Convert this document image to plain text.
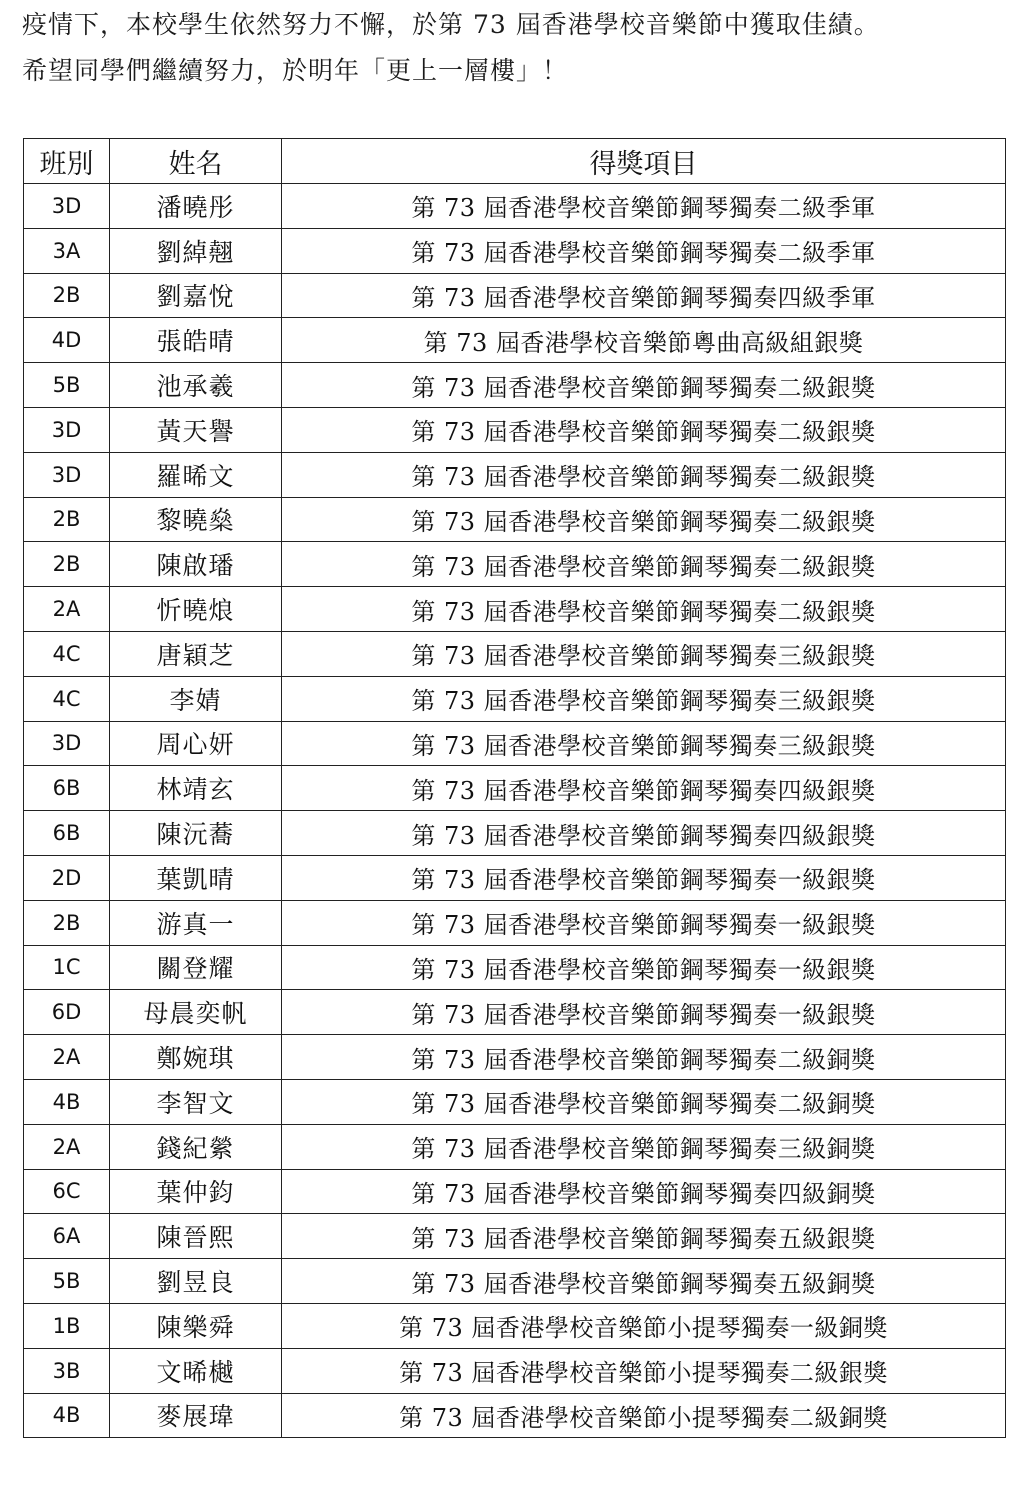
疫情下，本校學生依然努力不懈，於第 73 屆香港學校音樂節中獲取佳績。
希望同學們繼續努力，於明年「更上一層樓」！
班別	姓名	得獎項目
3D	潘曉彤	第 73 屆香港學校音樂節鋼琴獨奏二級季軍
3A	劉綽翹	第 73 屆香港學校音樂節鋼琴獨奏二級季軍
2B	劉嘉悅	第 73 屆香港學校音樂節鋼琴獨奏四級季軍
4D	張皓晴	第 73 屆香港學校音樂節粵曲高級組銀獎
5B	池承羲	第 73 屆香港學校音樂節鋼琴獨奏二級銀獎
3D	黃天譽	第 73 屆香港學校音樂節鋼琴獨奏二級銀獎
3D	羅晞文	第 73 屆香港學校音樂節鋼琴獨奏二級銀獎
2B	黎曉燊	第 73 屆香港學校音樂節鋼琴獨奏二級銀獎
2B	陳啟璠	第 73 屆香港學校音樂節鋼琴獨奏二級銀獎
2A	忻曉烺	第 73 屆香港學校音樂節鋼琴獨奏二級銀獎
4C	唐穎芝	第 73 屆香港學校音樂節鋼琴獨奏三級銀獎
4C	李婧	第 73 屆香港學校音樂節鋼琴獨奏三級銀獎
3D	周心妍	第 73 屆香港學校音樂節鋼琴獨奏三級銀獎
6B	林靖玄	第 73 屆香港學校音樂節鋼琴獨奏四級銀獎
6B	陳沅蕎	第 73 屆香港學校音樂節鋼琴獨奏四級銀獎
2D	葉凱晴	第 73 屆香港學校音樂節鋼琴獨奏一級銀獎
2B	游真一	第 73 屆香港學校音樂節鋼琴獨奏一級銀獎
1C	關登耀	第 73 屆香港學校音樂節鋼琴獨奏一級銀獎
6D	母晨奕帆	第 73 屆香港學校音樂節鋼琴獨奏一級銀獎
2A	鄭婉琪	第 73 屆香港學校音樂節鋼琴獨奏二級銅獎
4B	李智文	第 73 屆香港學校音樂節鋼琴獨奏二級銅獎
2A	錢紀縈	第 73 屆香港學校音樂節鋼琴獨奏三級銅獎
6C	葉仲鈞	第 73 屆香港學校音樂節鋼琴獨奏四級銅獎
6A	陳晉熙	第 73 屆香港學校音樂節鋼琴獨奏五級銀獎
5B	劉昱良	第 73 屆香港學校音樂節鋼琴獨奏五級銅獎
1B	陳樂舜	第 73 屆香港學校音樂節小提琴獨奏一級銅獎
3B	文晞樾	第 73 屆香港學校音樂節小提琴獨奏二級銀獎
4B	麥展瑋	第 73 屆香港學校音樂節小提琴獨奏二級銅獎
